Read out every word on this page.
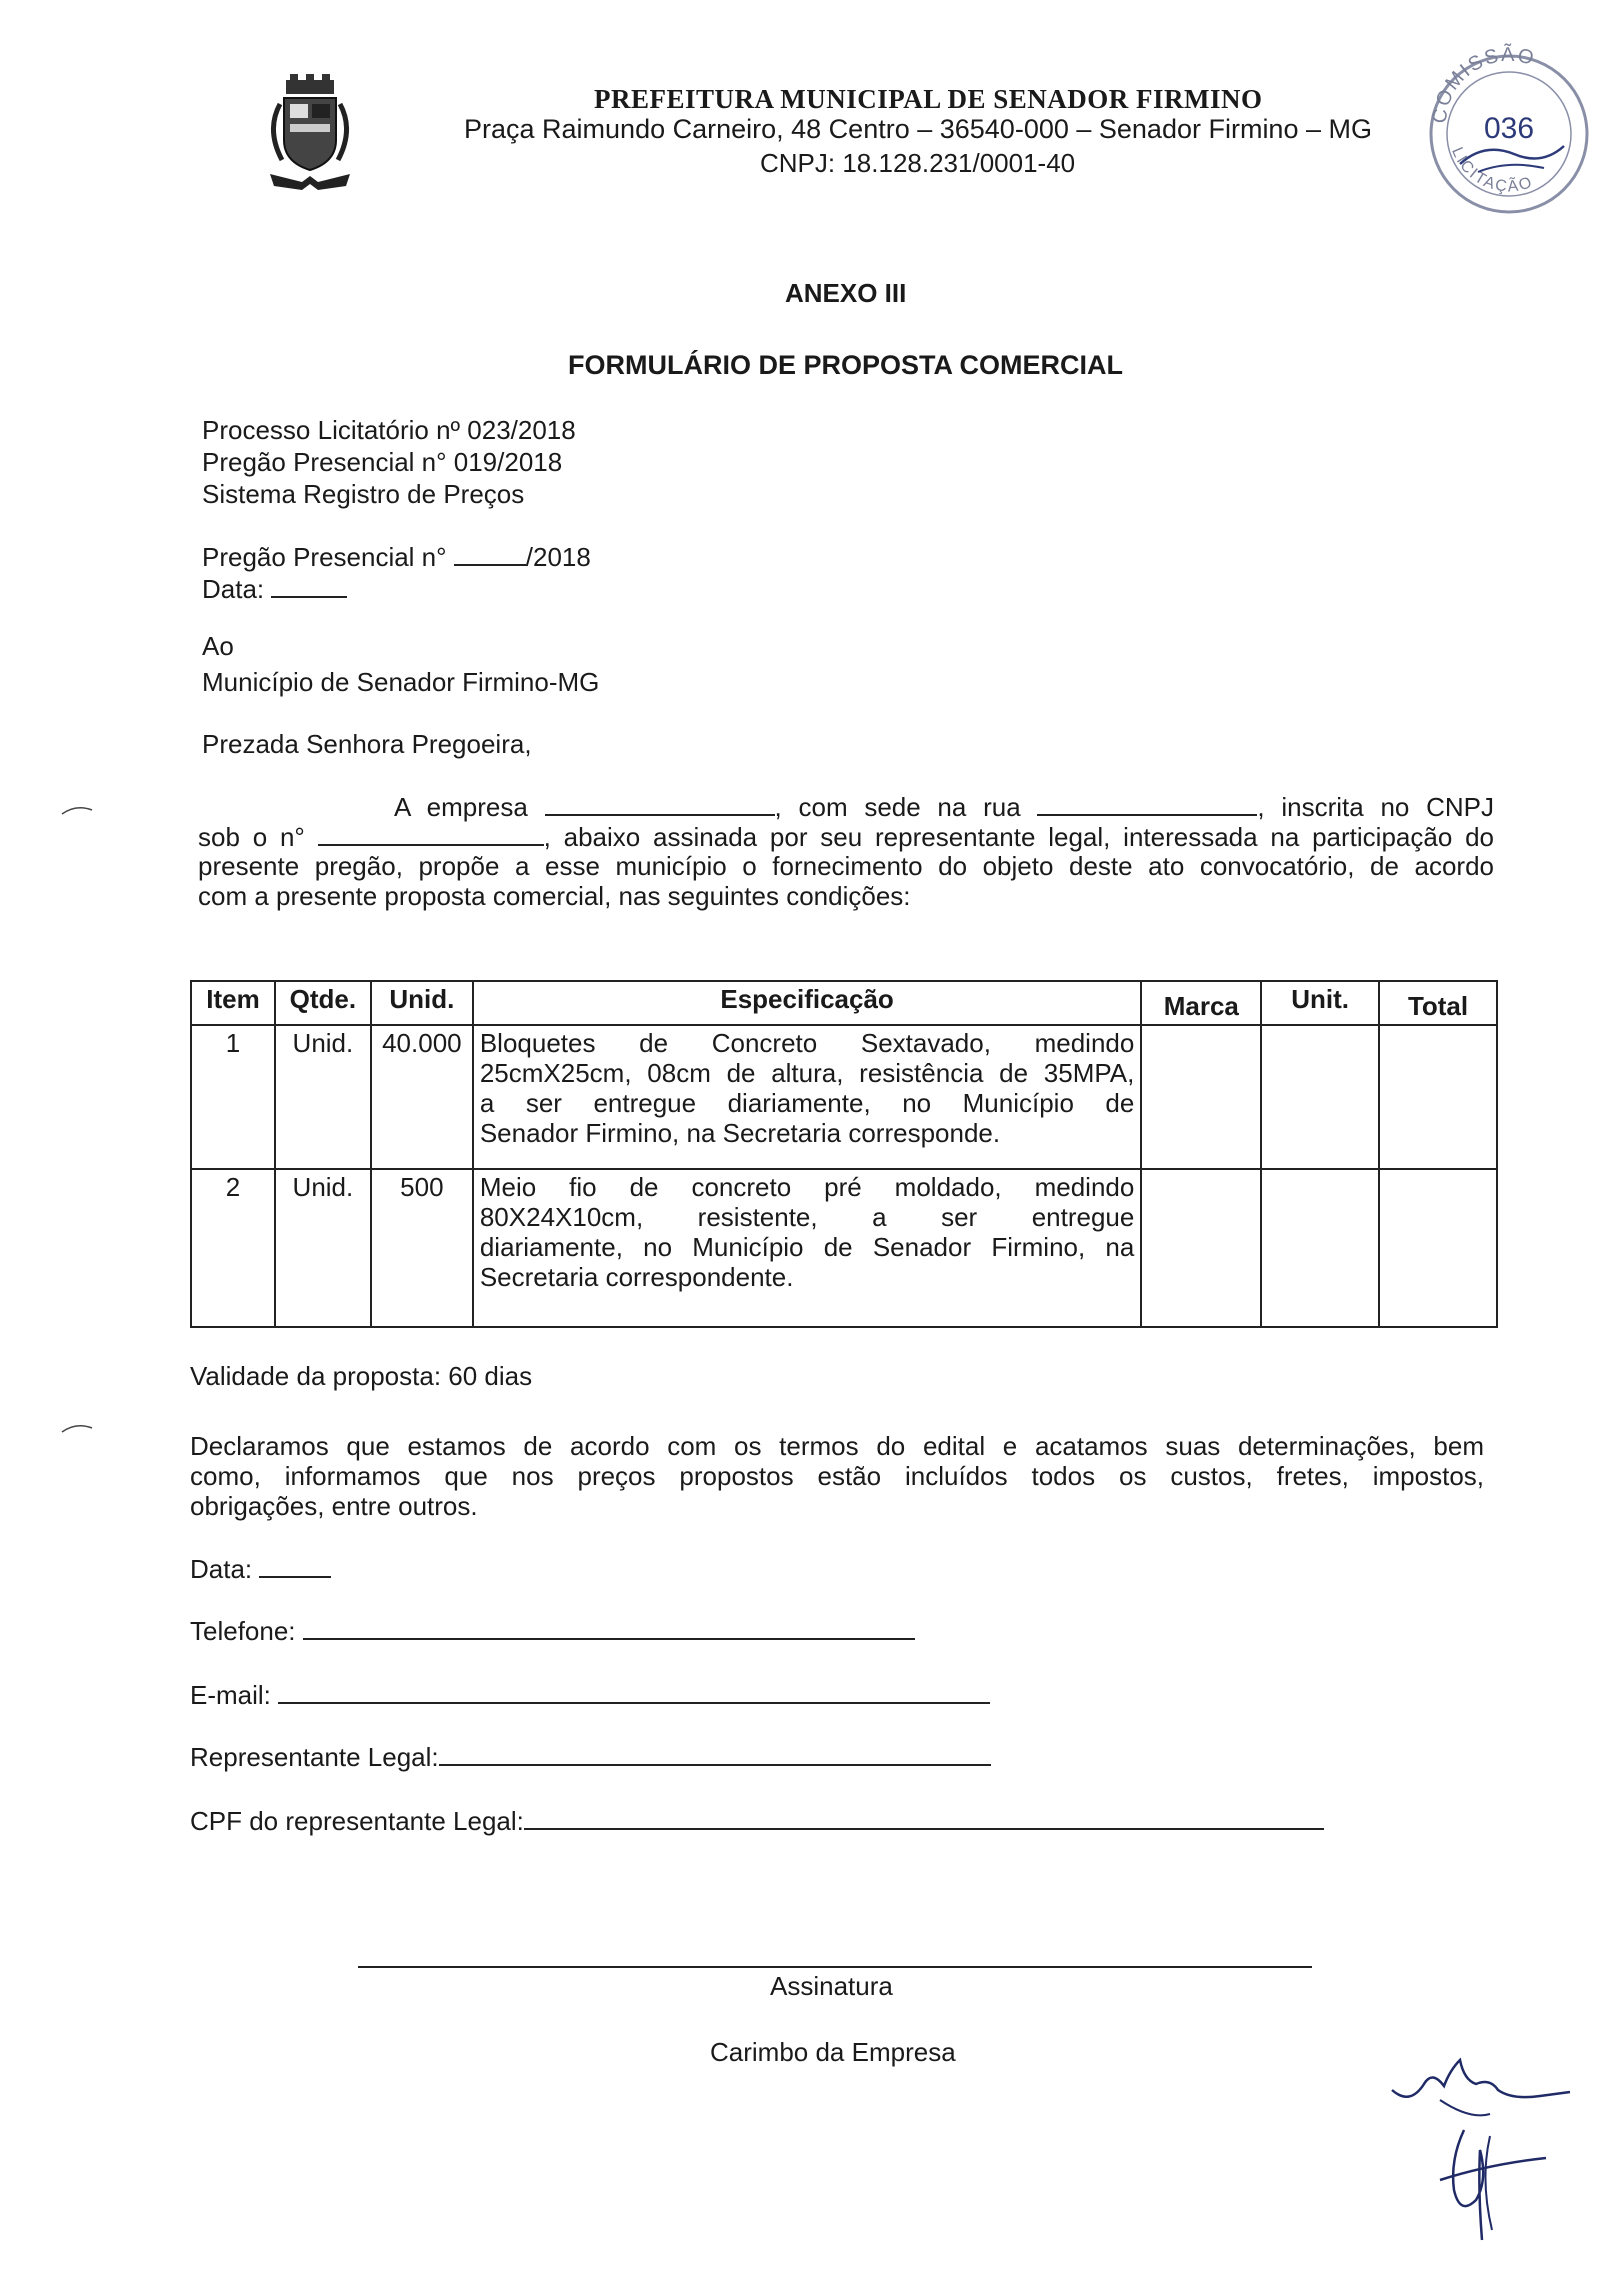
PREFEITURA MUNICIPAL DE SENADOR FIRMINO
Praça Raimundo Carneiro, 48 Centro – 36540-000 – Senador Firmino – MG
CNPJ: 18.128.231/0001-40
COMISSÃO
LICITAÇÃO
036
ANEXO III
FORMULÁRIO DE PROPOSTA COMERCIAL
Processo Licitatório nº 023/2018
Pregão Presencial n° 019/2018
Sistema Registro de Preços
Pregão Presencial n°	/2018
Data:
Ao
Município de Senador Firmino-MG
Prezada Senhora Pregoeira,
A empresa	, com sede na rua	, inscrita no CNPJ
sob o n°	, abaixo assinada por seu representante legal, interessada na participação do
presente pregão, propõe a esse município o fornecimento do objeto deste ato convocatório, de acordo
com a presente proposta comercial, nas seguintes condições:
Item	Qtde.	Unid.	Especificação	Marca	Unit.	Total
1	Unid.	40.000	Bloquetes de Concreto Sextavado, medindo

25cmX25cm, 08cm de altura, resistência de 35MPA,

a ser entregue diariamente, no Município de

Senador Firmino, na Secretaria corresponde.			

2	Unid.	500	Meio fio de concreto pré moldado, medindo

80X24X10cm, resistente, a ser entregue

diariamente, no Município de Senador Firmino, na

Secretaria correspondente.			

Validade da proposta: 60 dias
Declaramos que estamos de acordo com os termos do edital e acatamos suas determinações, bem
como, informamos que nos preços propostos estão incluídos todos os custos, fretes, impostos,
obrigações, entre outros.
Data:
Telefone:
E-mail:
Representante Legal:
CPF do representante Legal:
Assinatura
Carimbo da Empresa
